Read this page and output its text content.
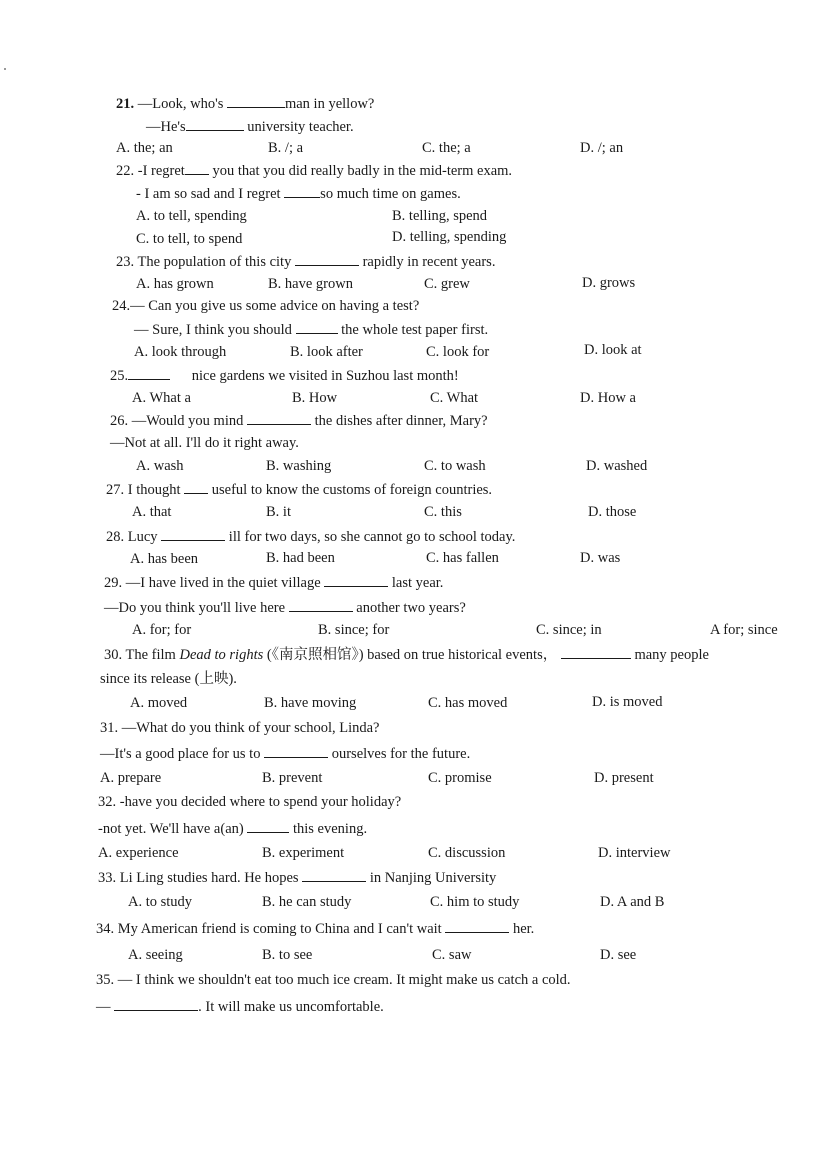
21. —Look, who's	man in yellow?
—He's	university teacher.
A. the; an	B. /; a	C. the; a	D. /; an
22. -I regret you that you did really badly in the mid-term exam.
- I am so sad and I regret	so much time on games.
A. to tell, spending	B. telling, spend
C. to tell, to spend	D. telling, spending
23. The population of this city	rapidly in recent years.
A. has grown	B. have grown	C. grew	D. grows
24.— Can you give us some advice on having a test?
— Sure, I think you should	the whole test paper first.
A. look through	B. look after	C. look for	D. look at
25.	nice gardens we visited in Suzhou last month!
A. What a	B. How	C. What	D. How a
26. —Would you mind	the dishes after dinner, Mary?
—Not at all. I'll do it right away.
A. wash	B. washing	C. to wash	D. washed
27. I thought useful to know the customs of foreign countries.
A. that	B. it	C. this	D. those
28. Lucy	ill for two days, so she cannot go to school today.
A. has been	B. had been	C. has fallen	D. was
29. —I have lived in the quiet village	last year.
—Do you think you'll live here	another two years?
A. for; for	B. since; for	C. since; in	A for; since
30. The film Dead to rights (《南京照相馆》) based on true historical events，	many people
since its release (上映).
A. moved	B. have moving	C. has moved	D. is moved
31. —What do you think of your school, Linda?
—It's a good place for us to	ourselves for the future.
A. prepare	B. prevent	C. promise	D. present
32. -have you decided where to spend your holiday?
-not yet. We'll have a(an)	this evening.
A. experience	B. experiment	C. discussion	D. interview
33. Li Ling studies hard. He hopes	in Nanjing University
A. to study	B. he can study	C. him to study	D. A and B
34. My American friend is coming to China and I can't wait	her.
A. seeing	B. to see	C. saw	D. see
35. — I think we shouldn't eat too much ice cream. It might make us catch a cold.
—	. It will make us uncomfortable.
